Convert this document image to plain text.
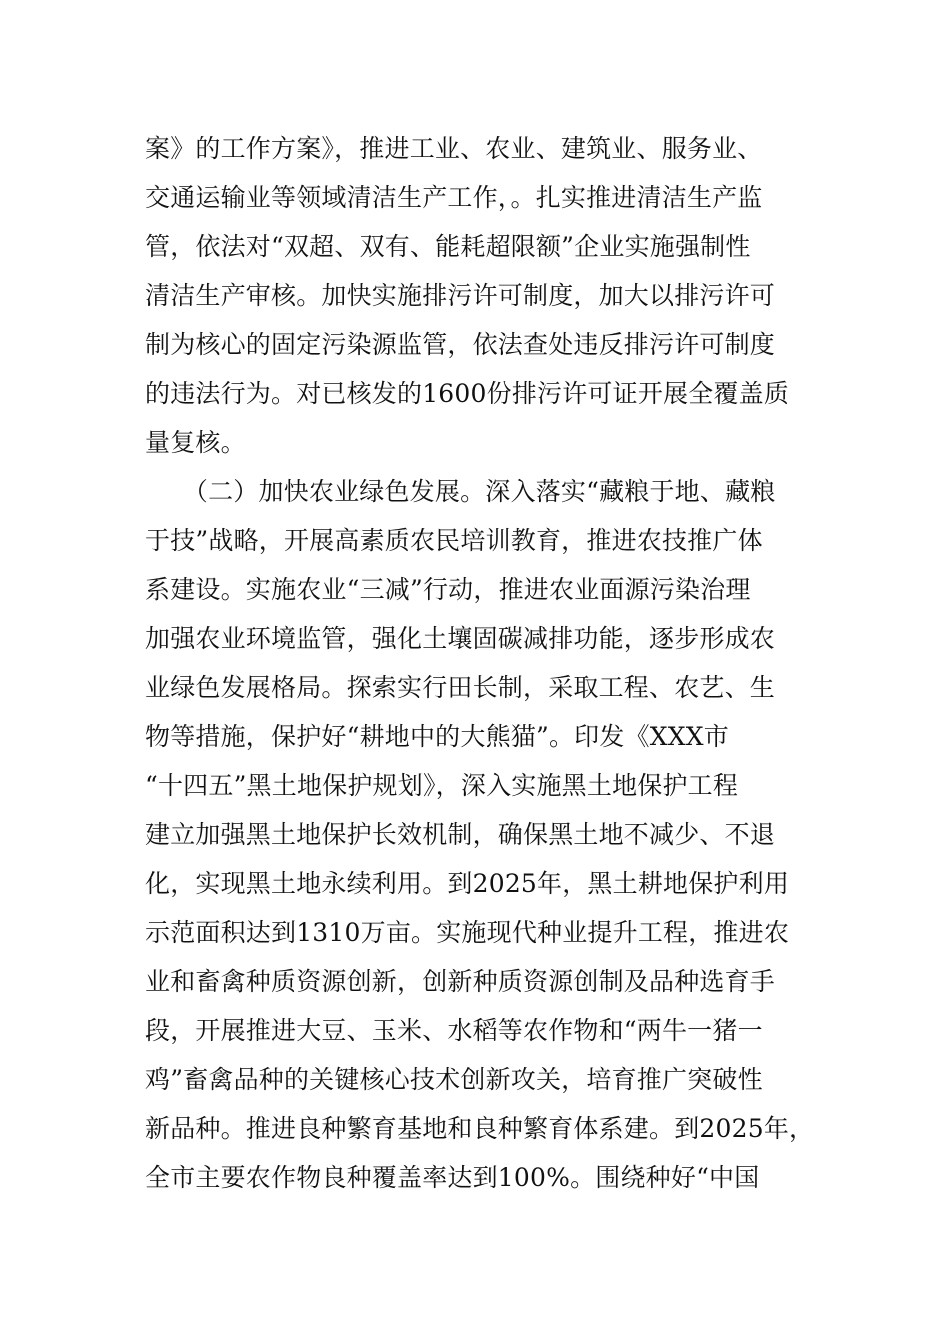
案》的工作方案》，推进工业、农业、建筑业、服务业、
交通运输业等领域清洁生产工作，。扎实推进清洁生产监
管，依法对“双超、双有、能耗超限额”企业实施强制性
清洁生产审核。加快实施排污许可制度，加大以排污许可
制为核心的固定污染源监管，依法查处违反排污许可制度
的违法行为。对已核发的1600份排污许可证开展全覆盖质
量复核。
　　（二）加快农业绿色发展。深入落实“藏粮于地、藏粮
于技”战略，开展高素质农民培训教育，推进农技推广体
系建设。实施农业“三减”行动，推进农业面源污染治理
加强农业环境监管，强化土壤固碳减排功能，逐步形成农
业绿色发展格局。探索实行田长制，采取工程、农艺、生
物等措施，保护好“耕地中的大熊猫”。印发《XXX市
“十四五”黑土地保护规划》，深入实施黑土地保护工程
建立加强黑土地保护长效机制，确保黑土地不减少、不退
化，实现黑土地永续利用。到2025年，黑土耕地保护利用
示范面积达到1310万亩。实施现代种业提升工程，推进农
业和畜禽种质资源创新，创新种质资源创制及品种选育手
段，开展推进大豆、玉米、水稻等农作物和“两牛一猪一
鸡”畜禽品种的关键核心技术创新攻关，培育推广突破性
新品种。推进良种繁育基地和良种繁育体系建。到2025年，
全市主要农作物良种覆盖率达到100%。围绕种好“中国
